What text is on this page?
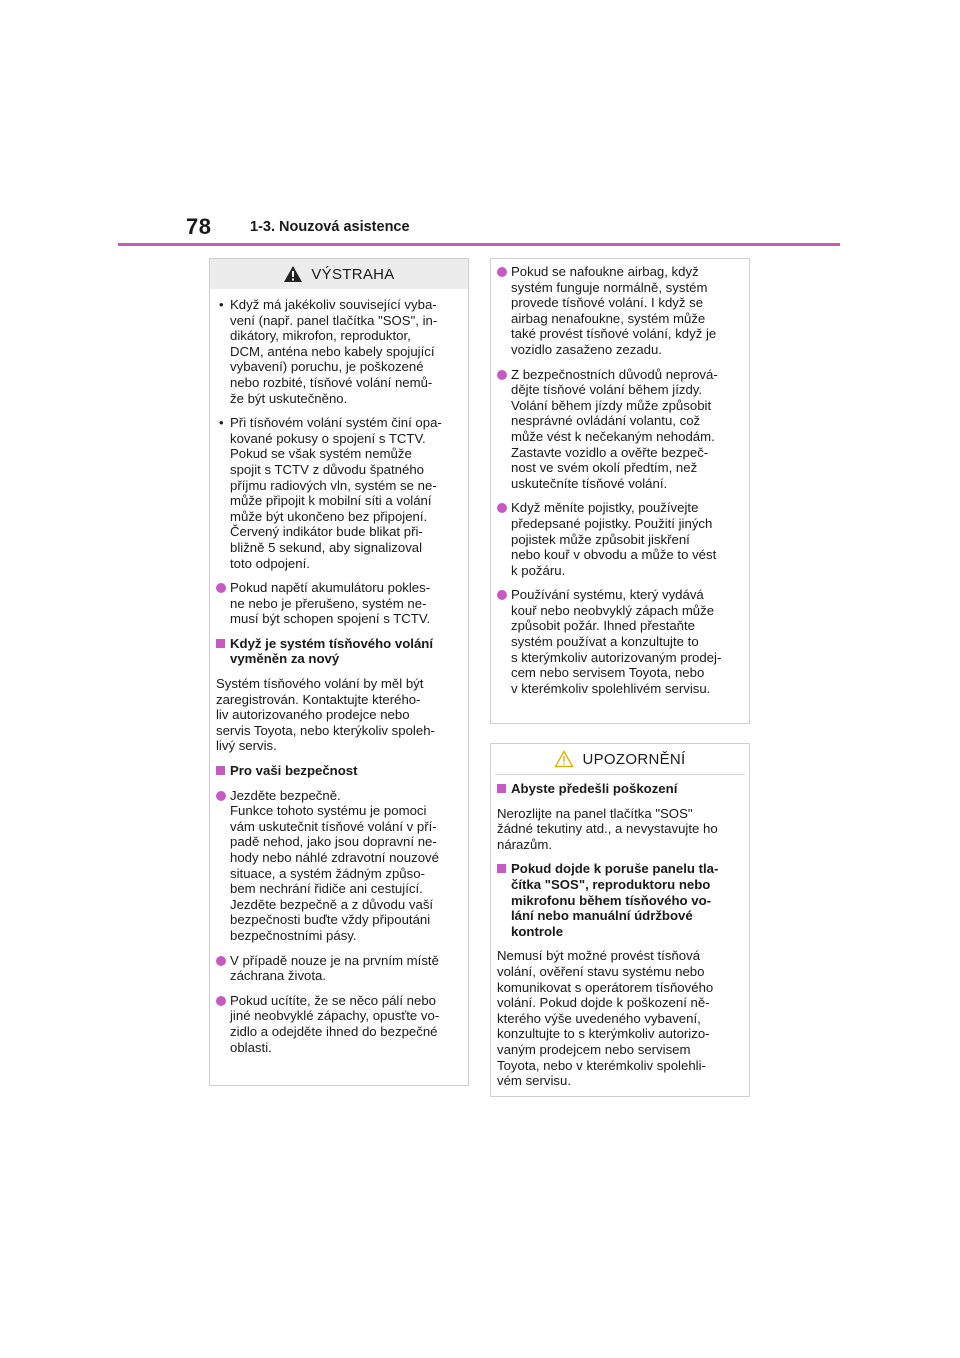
78	1-3. Nouzová asistence
VÝSTRAHA
• Když má jakékoliv související vyba-
vení (např. panel tlačítka "SOS", in-
dikátory, mikrofon, reproduktor,
DCM, anténa nebo kabely spojující
vybavení) poruchu, je poškozené
nebo rozbité, tísňové volání nemů-
že být uskutečněno.
• Při tísňovém volání systém činí opa-
kované pokusy o spojení s TCTV.
Pokud se však systém nemůže
spojit s TCTV z důvodu špatného
příjmu radiových vln, systém se ne-
může připojit k mobilní síti a volání
může být ukončeno bez připojení.
Červený indikátor bude blikat při-
bližně 5 sekund, aby signalizoval
toto odpojení.
Pokud napětí akumulátoru pokles-
ne nebo je přerušeno, systém ne-
musí být schopen spojení s TCTV.
Když je systém tísňového volání
vyměněn za nový
Systém tísňového volání by měl být
zaregistrován. Kontaktujte kterého-
liv autorizovaného prodejce nebo
servis Toyota, nebo kterýkoliv spoleh-
livý servis.
Pro vaši bezpečnost
Jezděte bezpečně.
Funkce tohoto systému je pomoci
vám uskutečnit tísňové volání v pří-
padě nehod, jako jsou dopravní ne-
hody nebo náhlé zdravotní nouzové
situace, a systém žádným způso-
bem nechrání řidiče ani cestující.
Jezděte bezpečně a z důvodu vaší
bezpečnosti buďte vždy připoutáni
bezpečnostními pásy.
V případě nouze je na prvním místě
záchrana života.
Pokud ucítíte, že se něco pálí nebo
jiné neobvyklé zápachy, opusťte vo-
zidlo a odejděte ihned do bezpečné
oblasti.
Pokud se nafoukne airbag, když
systém funguje normálně, systém
provede tísňové volání. I když se
airbag nenafoukne, systém může
také provést tísňové volání, když je
vozidlo zasaženo zezadu.
Z bezpečnostních důvodů neprová-
dějte tísňové volání během jízdy.
Volání během jízdy může způsobit
nesprávné ovládání volantu, což
může vést k nečekaným nehodám.
Zastavte vozidlo a ověřte bezpeč-
nost ve svém okolí předtím, než
uskutečníte tísňové volání.
Když měníte pojistky, používejte
předepsané pojistky. Použití jiných
pojistek může způsobit jiskření
nebo kouř v obvodu a může to vést
k požáru.
Používání systému, který vydává
kouř nebo neobvyklý zápach může
způsobit požár. Ihned přestaňte
systém používat a konzultujte to
s kterýmkoliv autorizovaným prodej-
cem nebo servisem Toyota, nebo
v kterémkoliv spolehlivém servisu.
UPOZORNĚNÍ
Abyste předešli poškození
Nerozlijte na panel tlačítka "SOS"
žádné tekutiny atd., a nevystavujte ho
nárazům.
Pokud dojde k poruše panelu tla-
čítka "SOS", reproduktoru nebo
mikrofonu během tísňového vo-
lání nebo manuální údržbové
kontrole
Nemusí být možné provést tísňová
volání, ověření stavu systému nebo
komunikovat s operátorem tísňového
volání. Pokud dojde k poškození ně-
kterého výše uvedeného vybavení,
konzultujte to s kterýmkoliv autorizo-
vaným prodejcem nebo servisem
Toyota, nebo v kterémkoliv spolehli-
vém servisu.
